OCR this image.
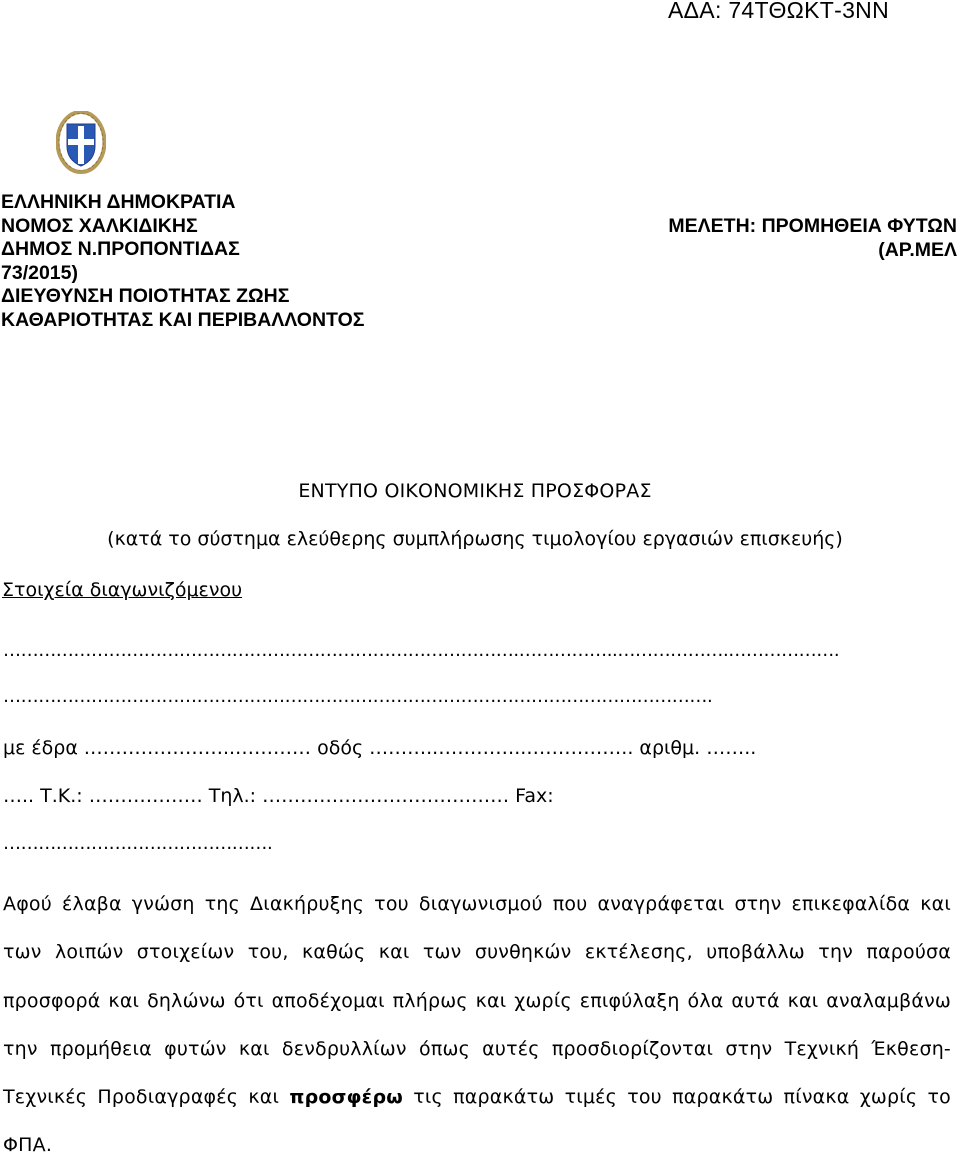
ΑΔΑ: 74ΤΘΩΚΤ-3ΝΝ
ΕΛΛΗΝΙΚΗ ΔΗΜΟΚΡΑΤΙΑ
ΝΟΜΟΣ ΧΑΛΚΙΔΙΚΗΣ
ΔΗΜΟΣ Ν.ΠΡΟΠΟΝΤΙΔΑΣ
73/2015)
ΔΙΕΥΘΥΝΣΗ ΠΟΙΟΤΗΤΑΣ ΖΩΗΣ
ΚΑΘΑΡΙΟΤΗΤΑΣ ΚΑΙ ΠΕΡΙΒΑΛΛΟΝΤΟΣ
ΜΕΛΕΤΗ: ΠΡΟΜΗΘΕΙΑ ΦΥΤΩΝ
(ΑΡ.ΜΕΛ
ΕΝΤΥΠΟ ΟΙΚΟΝΟΜΙΚΗΣ ΠΡΟΣΦΟΡΑΣ
(κατά το σύστημα ελεύθερης συμπλήρωσης τιμολογίου εργασιών επισκευής)
Στοιχεία διαγωνιζόμενου
…………………………………………………………………………….……………..……………….……………….
………………………………………………………………………………………………………….
με έδρα .…………………..………… οδός ………..…………..…………….. αριθμ. ……..
….. Τ.Κ.: ……………… Τηλ.: ………………………………… Fax:
……………………………………….
Αφού έλαβα γνώση της Διακήρυξης του διαγωνισμού που αναγράφεται στην επικεφαλίδα και των λοιπών στοιχείων του, καθώς και των συνθηκών εκτέλεσης, υποβάλλω την παρούσα προσφορά και δηλώνω ότι αποδέχομαι πλήρως και χωρίς επιφύλαξη όλα αυτά και αναλαμβάνω την προμήθεια φυτών και δενδρυλλίων όπως αυτές προσδιορίζονται στην Τεχνική Έκθεση-Τεχνικές Προδιαγραφές και προσφέρω τις παρακάτω τιμές του παρακάτω πίνακα χωρίς το ΦΠΑ.
